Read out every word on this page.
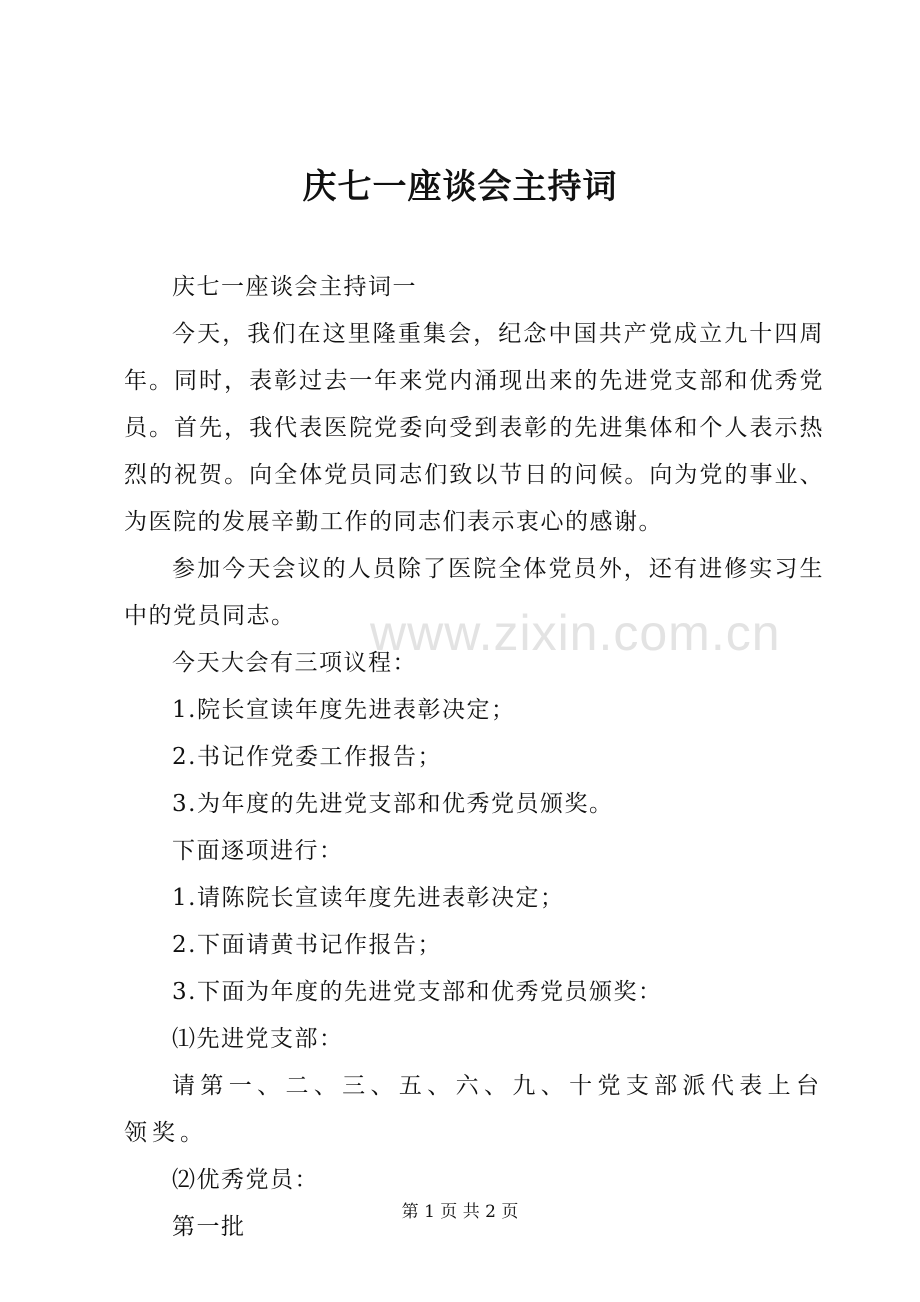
www.zixin.com.cn
庆七一座谈会主持词

庆七一座谈会主持词一

今天，我们在这里隆重集会，纪念中国共产党成立九十四周年。同时，表彰过去一年来党内涌现出来的先进党支部和优秀党员。首先，我代表医院党委向受到表彰的先进集体和个人表示热烈的祝贺。向全体党员同志们致以节日的问候。向为党的事业、为医院的发展辛勤工作的同志们表示衷心的感谢。

参加今天会议的人员除了医院全体党员外，还有进修实习生中的党员同志。

今天大会有三项议程：

1.院长宣读年度先进表彰决定；

2.书记作党委工作报告；

3.为年度的先进党支部和优秀党员颁奖。

下面逐项进行：

1.请陈院长宣读年度先进表彰决定；

2.下面请黄书记作报告；

3.下面为年度的先进党支部和优秀党员颁奖：

⑴先进党支部：

请第一、二、三、五、六、九、十党支部派代表上台领奖。

⑵优秀党员：

第一批

第 1 页 共 2 页
